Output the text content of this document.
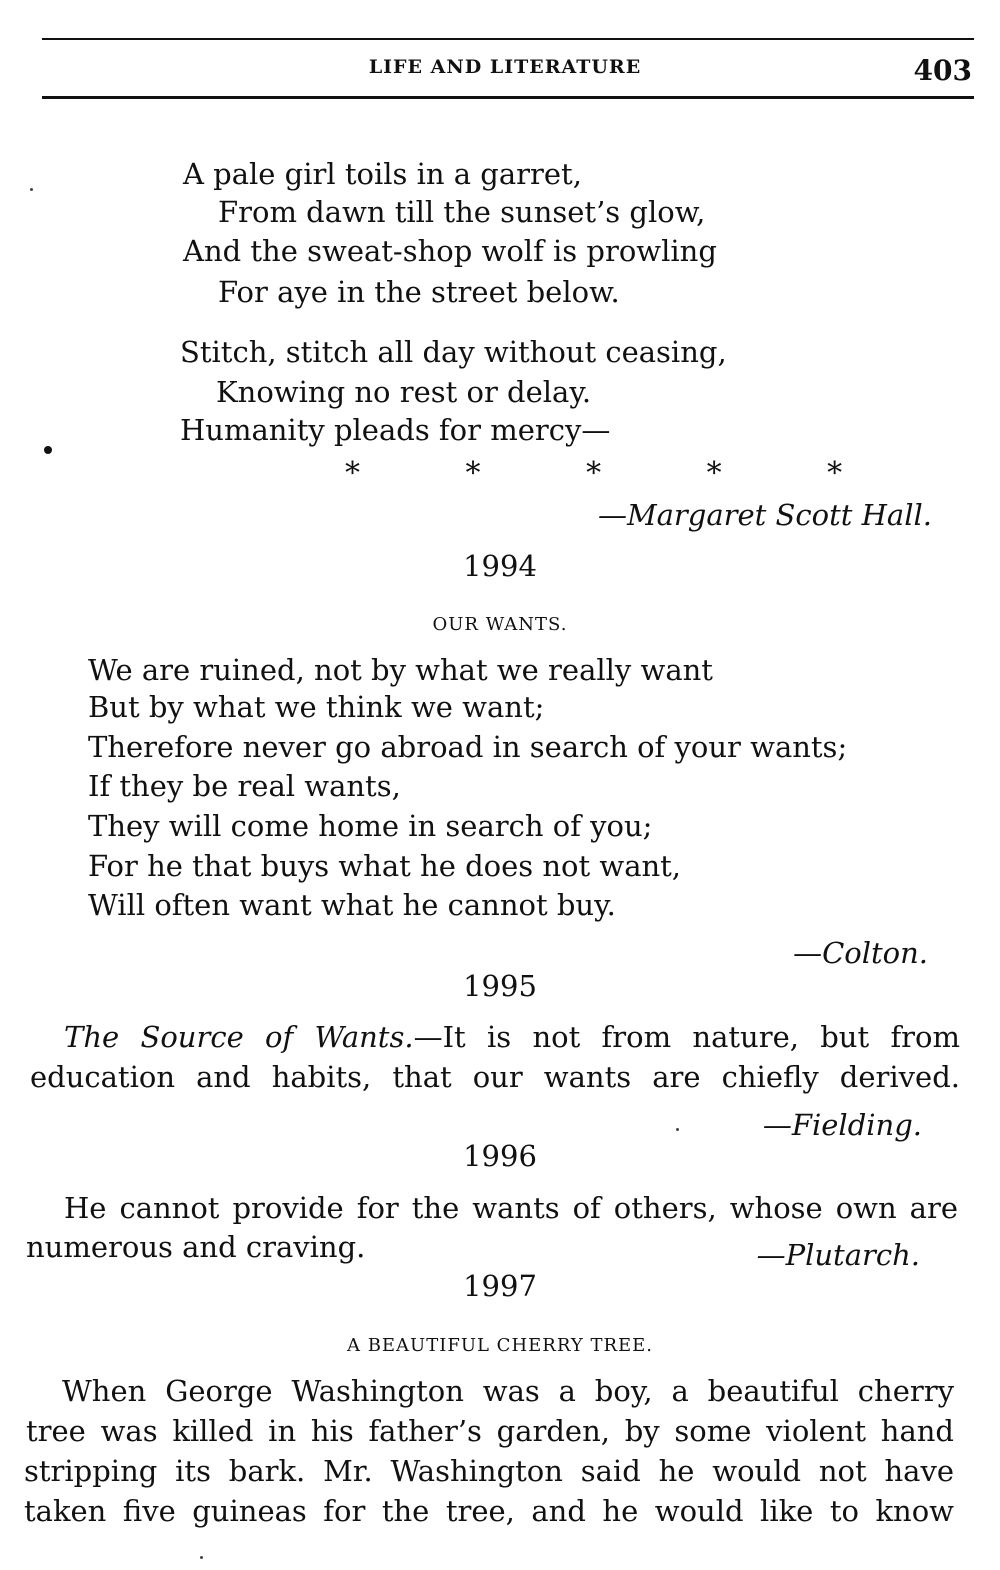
LIFE AND LITERATURE	403
A pale girl toils in a garret,
From dawn till the sunset’s glow,
And the sweat-shop wolf is prowling
For aye in the street below.
Stitch, stitch all day without ceasing,
Knowing no rest or delay.
Humanity pleads for mercy—
* * * * *
—Margaret Scott Hall.
1994
OUR WANTS.
We are ruined, not by what we really want
But by what we think we want;
Therefore never go abroad in search of your wants;
If they be real wants,
They will come home in search of you;
For he that buys what he does not want,
Will often want what he cannot buy.
—Colton.
1995
The Source of Wants.—It is not from nature, but from
education and habits, that our wants are chiefly derived.
—Fielding.
1996
He cannot provide for the wants of others, whose own are
numerous and craving.	—Plutarch.
1997
A BEAUTIFUL CHERRY TREE.
When George Washington was a boy, a beautiful cherry
tree was killed in his father’s garden, by some violent hand
stripping its bark. Mr. Washington said he would not have
taken five guineas for the tree, and he would like to know
